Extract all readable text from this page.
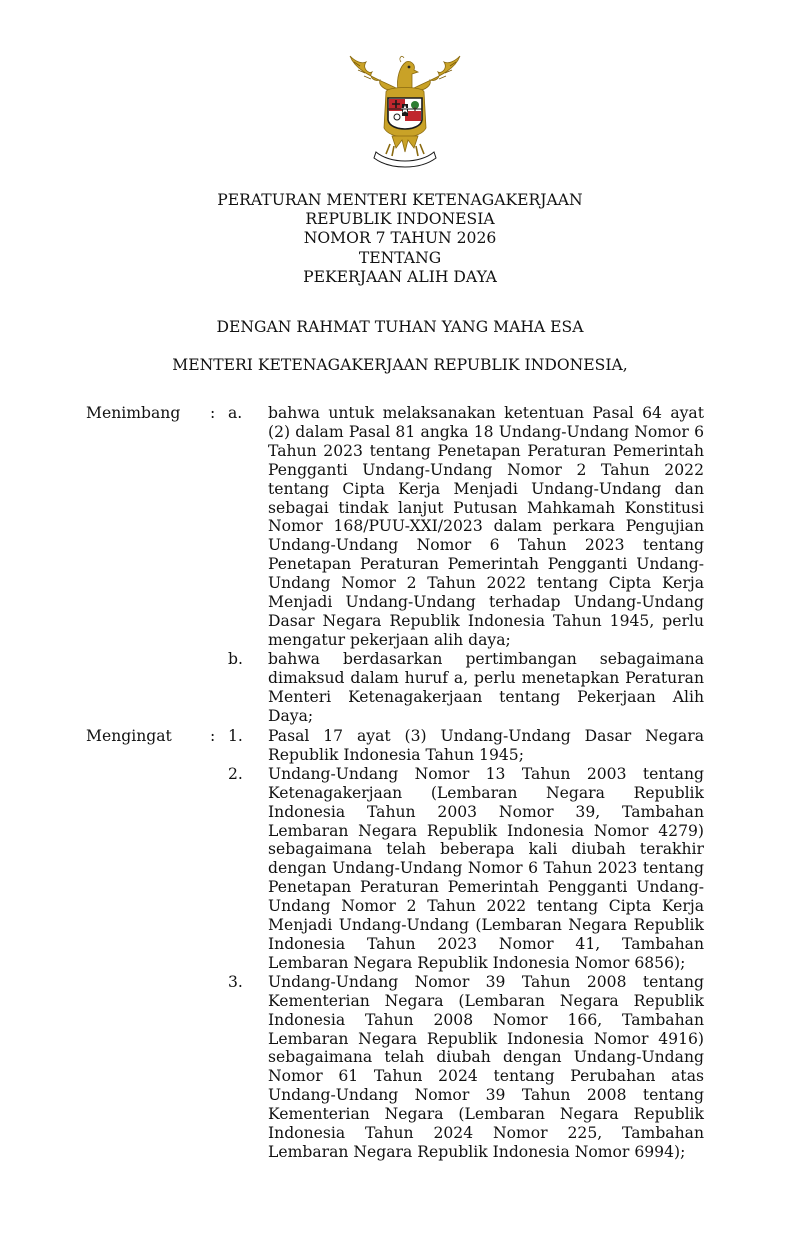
PERATURAN MENTERI KETENAGAKERJAAN
REPUBLIK INDONESIA
NOMOR 7 TAHUN 2026
TENTANG
PEKERJAAN ALIH DAYA
DENGAN RAHMAT TUHAN YANG MAHA ESA
MENTERI KETENAGAKERJAAN REPUBLIK INDONESIA,
Menimbang : a.	bahwa untuk melaksanakan ketentuan Pasal 64 ayat (2) dalam Pasal 81 angka 18 Undang-Undang Nomor 6 Tahun 2023 tentang Penetapan Peraturan Pemerintah Pengganti Undang-Undang Nomor 2 Tahun 2022 tentang Cipta Kerja Menjadi Undang-Undang dan sebagai tindak lanjut Putusan Mahkamah Konstitusi Nomor 168/PUU-XXI/2023 dalam perkara Pengujian Undang-Undang Nomor 6 Tahun 2023 tentang Penetapan Peraturan Pemerintah Pengganti Undang-Undang Nomor 2 Tahun 2022 tentang Cipta Kerja Menjadi Undang-Undang terhadap Undang-Undang Dasar Negara Republik Indonesia Tahun 1945, perlu mengatur pekerjaan alih daya;
b.	bahwa berdasarkan pertimbangan sebagaimana dimaksud dalam huruf a, perlu menetapkan Peraturan Menteri Ketenagakerjaan tentang Pekerjaan Alih Daya;
Mengingat : 1.	Pasal 17 ayat (3) Undang-Undang Dasar Negara Republik Indonesia Tahun 1945;
2.	Undang-Undang Nomor 13 Tahun 2003 tentang Ketenagakerjaan (Lembaran Negara Republik Indonesia Tahun 2003 Nomor 39, Tambahan Lembaran Negara Republik Indonesia Nomor 4279) sebagaimana telah beberapa kali diubah terakhir dengan Undang-Undang Nomor 6 Tahun 2023 tentang Penetapan Peraturan Pemerintah Pengganti Undang-Undang Nomor 2 Tahun 2022 tentang Cipta Kerja Menjadi Undang-Undang (Lembaran Negara Republik Indonesia Tahun 2023 Nomor 41, Tambahan Lembaran Negara Republik Indonesia Nomor 6856);
3.	Undang-Undang Nomor 39 Tahun 2008 tentang Kementerian Negara (Lembaran Negara Republik Indonesia Tahun 2008 Nomor 166, Tambahan Lembaran Negara Republik Indonesia Nomor 4916) sebagaimana telah diubah dengan Undang-Undang Nomor 61 Tahun 2024 tentang Perubahan atas Undang-Undang Nomor 39 Tahun 2008 tentang Kementerian Negara (Lembaran Negara Republik Indonesia Tahun 2024 Nomor 225, Tambahan Lembaran Negara Republik Indonesia Nomor 6994);
